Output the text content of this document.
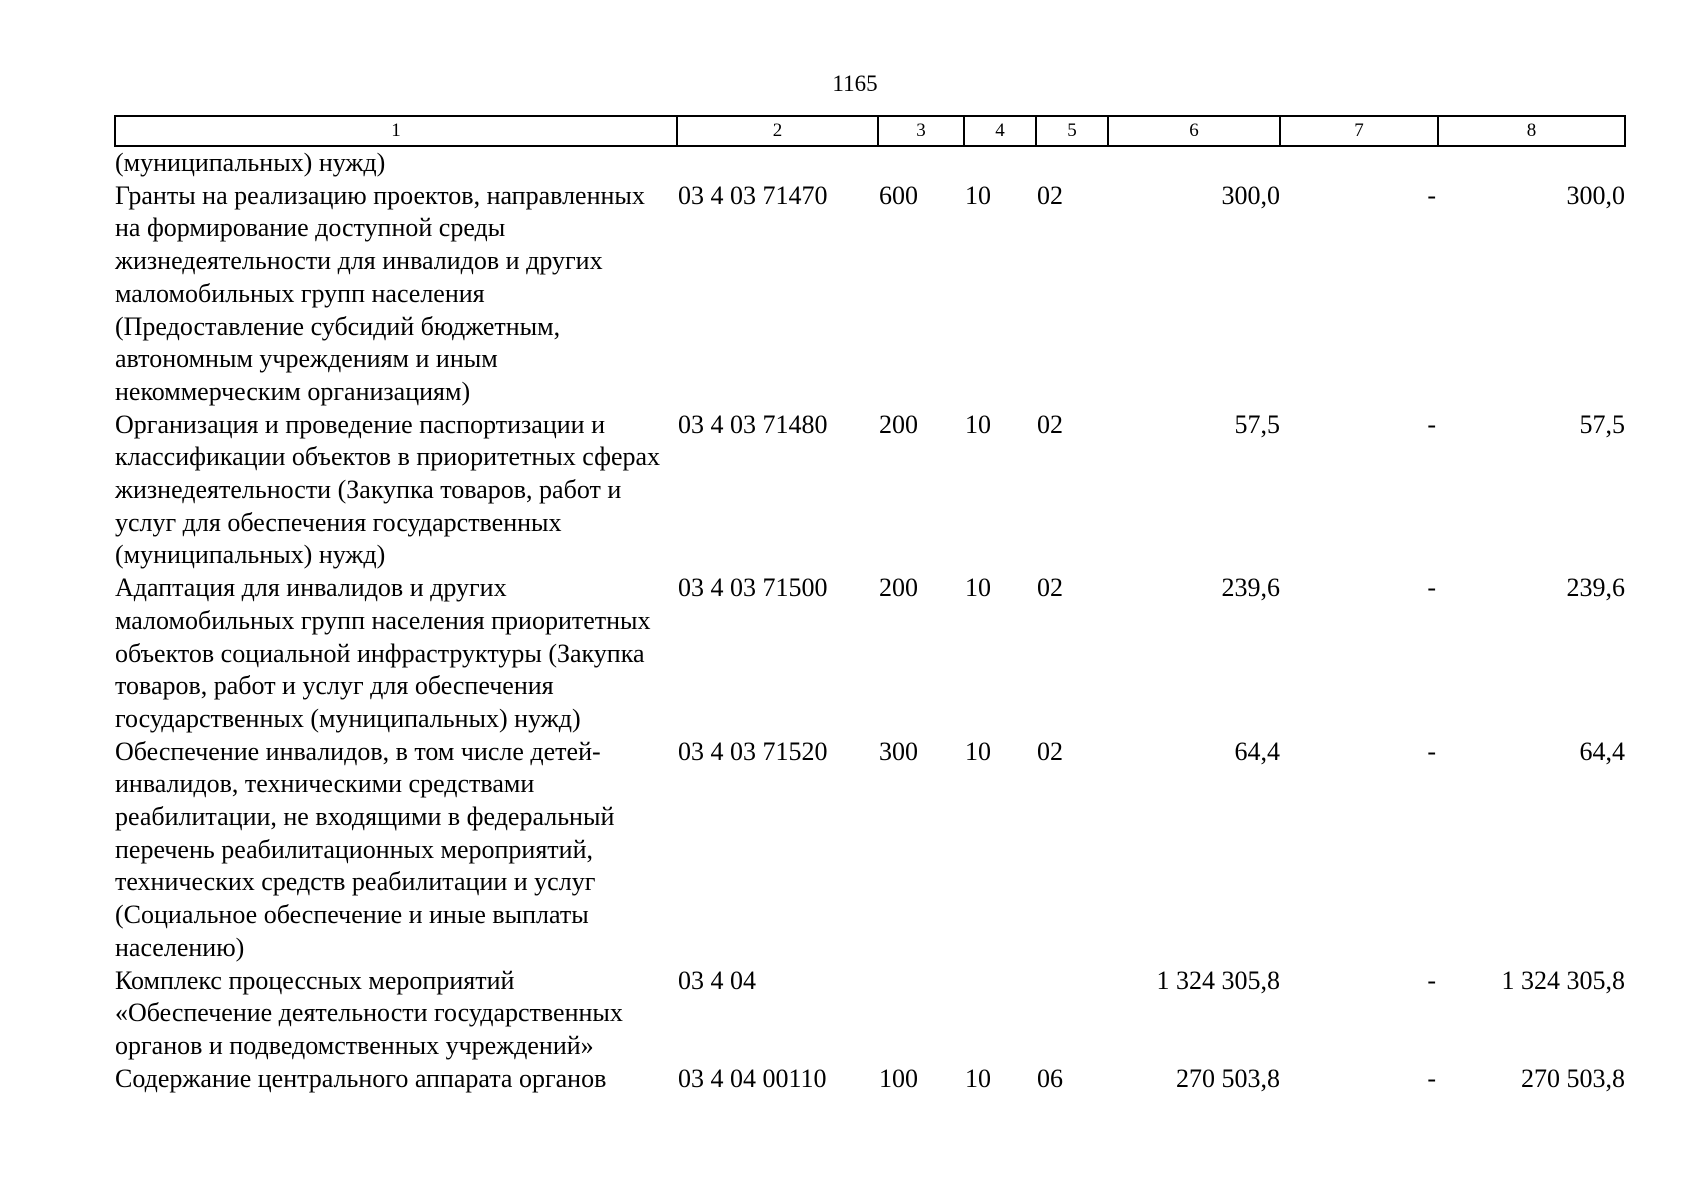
1165
1	2	3	4	5	6	7	8
(муниципальных) нужд)							
Гранты на реализацию проектов, направленных на формирование доступной среды жизнедеятельности для инвалидов и других маломобильных групп населения (Предоставление субсидий бюджетным, автономным учреждениям и иным некоммерческим организациям)	03 4 03 71470	600	10	02	300,0	-	300,0
Организация и проведение паспортизации и классификации объектов в приоритетных сферах жизнедеятельности (Закупка товаров, работ и услуг для обеспечения государственных (муниципальных) нужд)	03 4 03 71480	200	10	02	57,5	-	57,5
Адаптация для инвалидов и других маломобильных групп населения приоритетных объектов социальной инфраструктуры (Закупка товаров, работ и услуг для обеспечения государственных (муниципальных) нужд)	03 4 03 71500	200	10	02	239,6	-	239,6
Обеспечение инвалидов, в том числе детей-инвалидов, техническими средствами реабилитации, не входящими в федеральный перечень реабилитационных мероприятий, технических средств реабилитации и услуг (Социальное обеспечение и иные выплаты населению)	03 4 03 71520	300	10	02	64,4	-	64,4
Комплекс процессных мероприятий «Обеспечение деятельности государственных органов и подведомственных учреждений»	03 4 04				1 324 305,8	-	1 324 305,8
Содержание центрального аппарата органов	03 4 04 00110	100	10	06	270 503,8	-	270 503,8
